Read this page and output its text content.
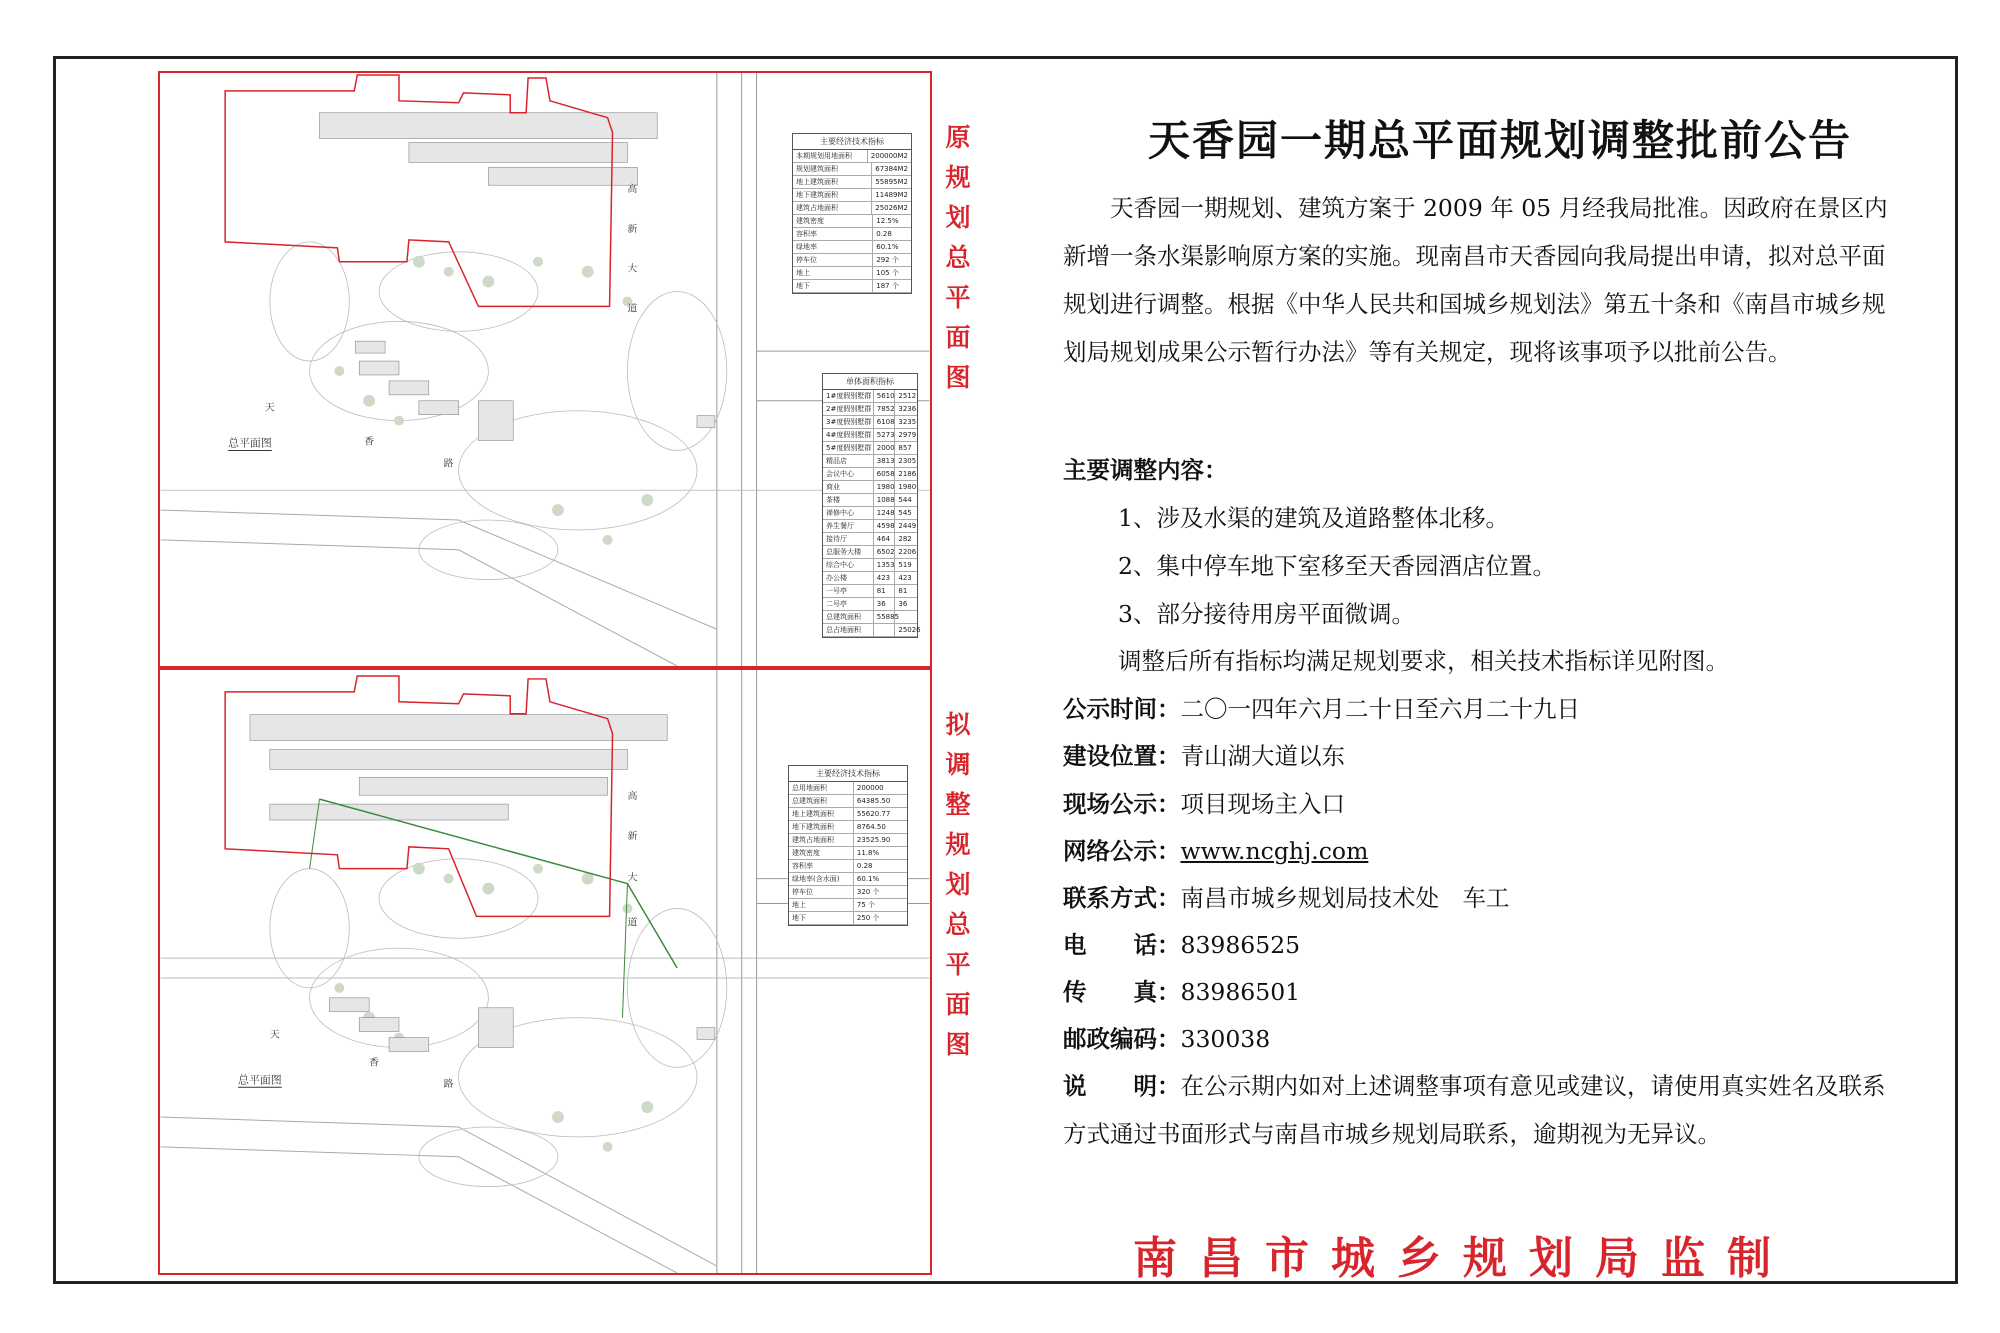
高
新
大
道
天
香
路
总平面图
主要经济技术指标
本期规划用地面积	200000M2
规划建筑面积	67384M2
地上建筑面积	55895M2
地下建筑面积	11489M2
建筑占地面积	25026M2
建筑密度	12.5%
容积率	0.28
绿地率	60.1%
停车位	292 个
地上	105 个
地下	187 个
单体面积指标
1#度假别墅群 5610 2512
2#度假别墅群 7852 3236
3#度假别墅群 6108 3235
4#度假别墅群 5273 2979
5#度假别墅群 2000 857
精品店	3813 2305
会议中心	6058 2186
商业	1980 1980
茶楼	1088 544
禅修中心	1248 545
养生餐厅	4598 2449
接待厅	464	282
总服务大楼	6502 2206
综合中心	1353 519
办公楼	423	423
一号亭	81	81
二号亭	36	36
总建筑面积	55885
总占地面积	25026
原
规
划
总
平
面
图
高
新
大
道
天
香
路
总平面图
主要经济技术指标
总用地面积	200000
总建筑面积	64385.50
地上建筑面积	55620.77
地下建筑面积	8764.50
建筑占地面积	23525.90
建筑密度	11.8%
容积率	0.28
绿地率(含水面)	60.1%
停车位	320 个
地上	75 个
地下	250 个
拟
调
整
规
划
总
平
面
图
天香园一期总平面规划调整批前公告
天香园一期规划、建筑方案于 2009 年 05 月经我局批准。因政府在景区内新增一条水渠影响原方案的实施。现南昌市天香园向我局提出申请，拟对总平面规划进行调整。根据《中华人民共和国城乡规划法》第五十条和《南昌市城乡规划局规划成果公示暂行办法》等有关规定，现将该事项予以批前公告。
主要调整内容：
1、涉及水渠的建筑及道路整体北移。
2、集中停车地下室移至天香园酒店位置。
3、部分接待用房平面微调。
调整后所有指标均满足规划要求，相关技术指标详见附图。
公示时间：二〇一四年六月二十日至六月二十九日
建设位置：青山湖大道以东
现场公示：项目现场主入口
网络公示：www.ncghj.com
联系方式：南昌市城乡规划局技术处　车工
电　　话：83986525
传　　真：83986501
邮政编码：330038
说　　明：在公示期内如对上述调整事项有意见或建议，请使用真实姓名及联系方式通过书面形式与南昌市城乡规划局联系，逾期视为无异议。
南昌市城乡规划局监制
